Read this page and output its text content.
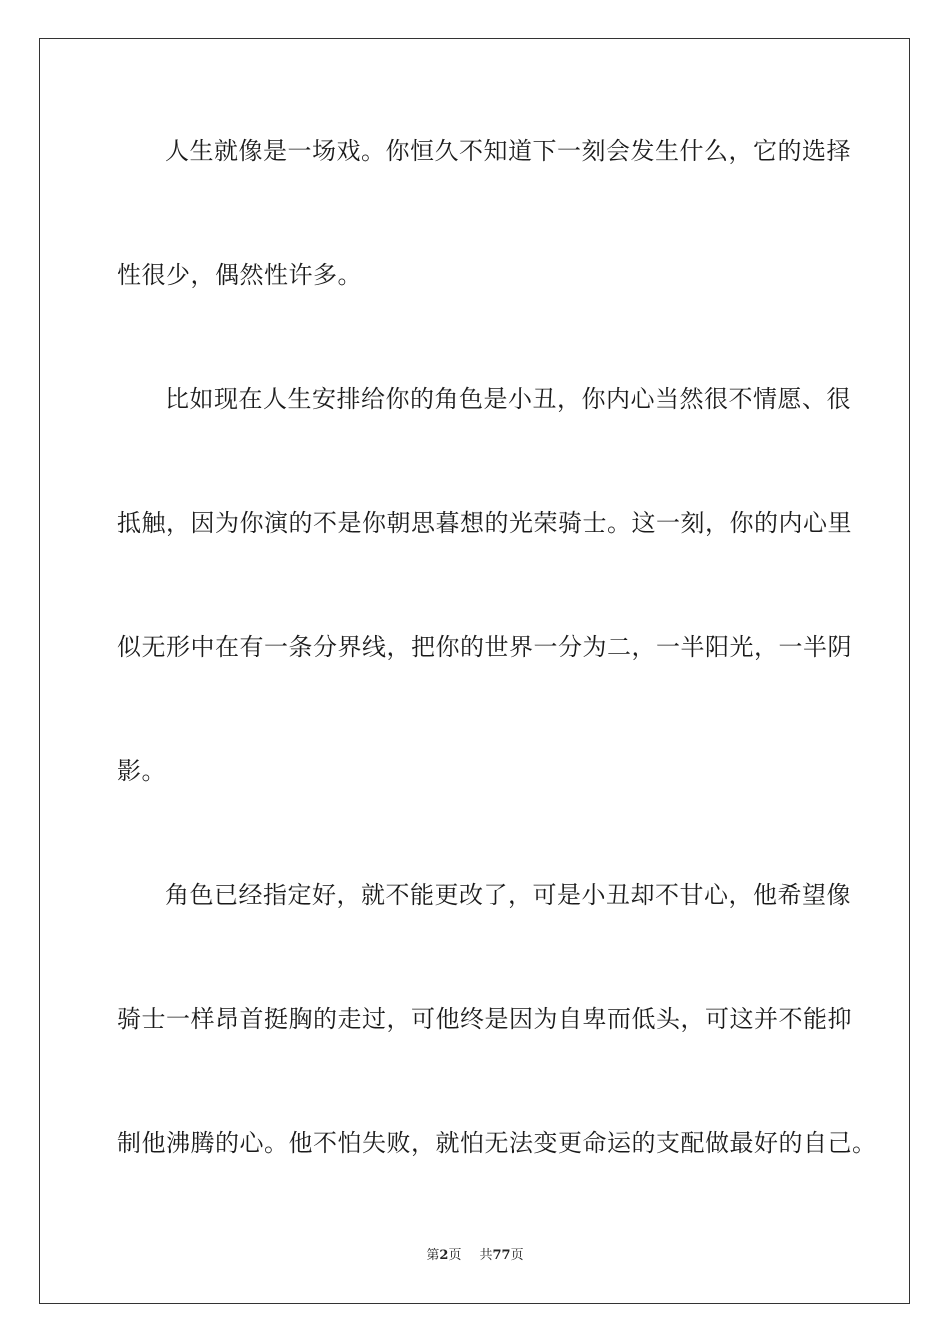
人生就像是一场戏。你恒久不知道下一刻会发生什么，它的选择
性很少，偶然性许多。
比如现在人生安排给你的角色是小丑，你内心当然很不情愿、很
抵触，因为你演的不是你朝思暮想的光荣骑士。这一刻，你的内心里
似无形中在有一条分界线，把你的世界一分为二，一半阳光，一半阴
影。
角色已经指定好，就不能更改了，可是小丑却不甘心，他希望像
骑士一样昂首挺胸的走过，可他终是因为自卑而低头，可这并不能抑
制他沸腾的心。他不怕失败，就怕无法变更命运的支配做最好的自己。
第2页 共77页
